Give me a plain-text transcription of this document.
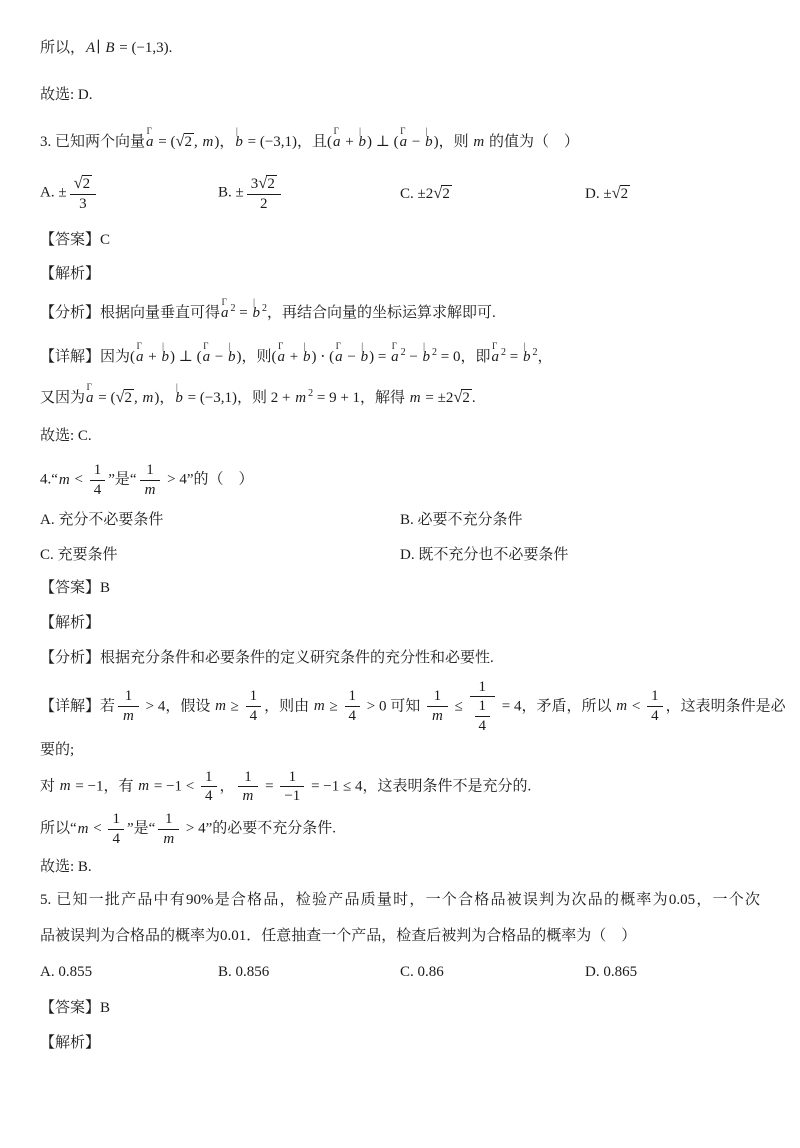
所以，A∣ B = (−1,3).
故选: D.
3. 已知两个向量
Γ
a = (√2 , m)，
|
b = (−3,1)，且(
Γ
a +
|
b) ⊥ (
Γ
a −
|
b)，则 m 的值为（　）
A. ± $\frac{√2}{3}$	B. ± $\frac{3√2}{2}$	C. ±2√2	D. ±√2
【答案】C
【解析】
【分析】根据向量垂直可得
Γ
a $^2$ =
|
b $^2$，再结合向量的坐标运算求解即可.
【详解】因为(
Γ
a +
|
b) ⊥ (
Γ
a −
|
b)，则(
Γ
a +
|
b) ⋅ (
Γ
a −
|
b) =
Γ
a $^2$ −
|
b $^2$ = 0，即
Γ
a $^2$ =
|
b $^2$，
又因为
Γ
a = (√2 , m)，
|
b = (−3,1)，则 2 + m $^2$ = 9 + 1，解得 m = ±2√2 .
故选: C.
4.“m < $\frac{1}{4}$ ”是“ $\frac{1}{m} > 4$”的（　）
A. 充分不必要条件	B. 必要不充分条件
C. 充要条件	D. 既不充分也不必要条件
【答案】B
【解析】
【分析】根据充分条件和必要条件的定义研究条件的充分性和必要性.
【详解】若 $\frac{1}{m} > 4$，假设 $m \ge \frac{1}{4}$ ，则由 $m \ge \frac{1}{4} > 0$ 可知 $\frac{1}{m} \le \frac{1}{\frac{1}{4}} = 4$，矛盾，所以 $m < \frac{1}{4}$ ，这表明条件是必
要的;
对 m = −1，有 $m = -1 < \frac{1}{4}$ ， $\frac{1}{m} = \frac{1}{-1} = -1 \le 4$，这表明条件不是充分的.
所以“$m < \frac{1}{4}$ ”是“ $\frac{1}{m} > 4$”的必要不充分条件.
故选: B.
5. 已知一批产品中有90%是合格品，检验产品质量时，一个合格品被误判为次品的概率为0.05，一个次
品被误判为合格品的概率为0.01．任意抽查一个产品，检查后被判为合格品的概率为（　）
A. 0.855	B. 0.856	C. 0.86	D. 0.865
【答案】B
【解析】
